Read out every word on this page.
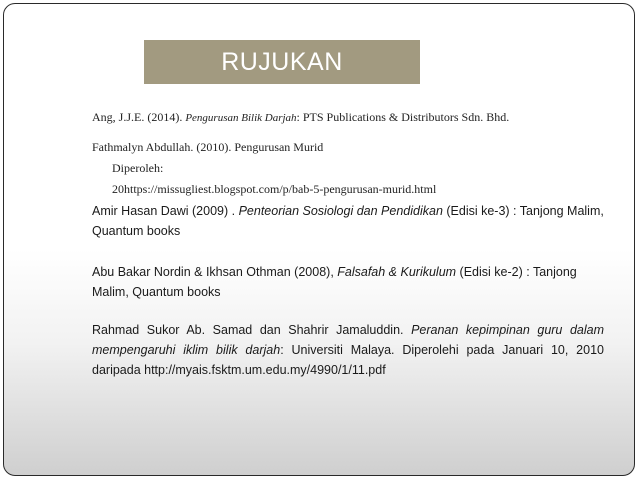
RUJUKAN
Ang, J.J.E. (2014). Pengurusan Bilik Darjah: PTS Publications & Distributors Sdn. Bhd.
Fathmalyn Abdullah. (2010). Pengurusan Murid
Diperoleh:
20https://missugliest.blogspot.com/p/bab-5-pengurusan-murid.html
Amir Hasan Dawi (2009) . Penteorian Sosiologi dan Pendidikan (Edisi ke-3) : Tanjong Malim, Quantum books
Abu Bakar Nordin & Ikhsan Othman (2008), Falsafah & Kurikulum (Edisi ke-2) : Tanjong Malim, Quantum books
Rahmad Sukor Ab. Samad dan Shahrir Jamaluddin. Peranan kepimpinan guru dalam mempengaruhi iklim bilik darjah: Universiti Malaya. Diperolehi pada Januari 10, 2010 daripada http://myais.fsktm.um.edu.my/4990/1/11.pdf
